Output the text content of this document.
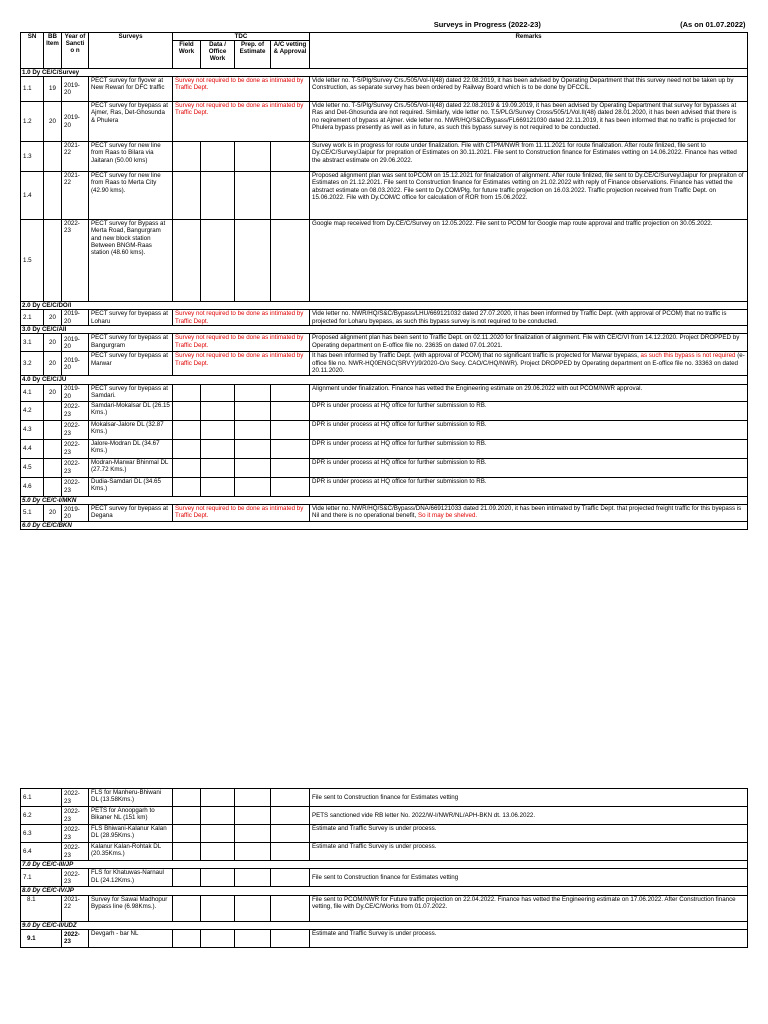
				Surveys in Progress (2022-23) (As on 01.07.2022)				

SN	BB Item	Year of Sanctio n	Surveys	TDC				Remarks
				Field Work	Data / Office Work	Prep. of Estimate	A/C vetting & Approval	
1.0 Dy CE/C/Survey								
1.1	19	2019-20	PECT survey for flyover at New Rewari for DFC traffic	Survey not required to be done as intimated by Traffic Dept.				Vide letter no. T-5/Plg/Survey Crs./505/Vol-II(48) dated 22.08.2019, it has been advised by Operating Department that this survey need not be taken up by Construction, as separate survey has been ordered by Railway Board which is to be done by DFCCIL.
1.2	20	2019-20	PECT survey for byepass at Ajmer, Ras, Det-Ghosunda & Phulera	Survey not required to be done as intimated by Traffic Dept.				Vide letter no. T-5/Plg/Survey Crs./505/Vol-II(48) dated 22.08.2019 & 19.09.2019, it has been advised by Operating Department that survey for bypasses at Ras and Det-Ghosunda are not required. Similarly, vide letter no. T.5/PLG/Survey Cross/505/1/Vol.II(48) dated 28.01.2020, it has been advised that there is no reqirement of bypass at Ajmer. vide letter no. NWR/HQ/S&C/Bypass/FL669121030 dated 22.11.2019, it has been informed that no traffic is projected for Phulera bypass presently as well as in future, as such this bypass survey is not required to be conducted.
1.3		2021-22	PECT survey for new line from Raas to Bilara via Jaitaran (50.00 kms)					Survey work is in progress for route under finalization. File with CTPM/NWR from 11.11.2021 for route finalization. After route finlized, file sent to Dy.CE/C/Survey/Jaipur for prepration of Estimates on 30.11.2021. File sent to Construction finance for Estimates vetting on 14.06.2022. Finance has vetted the abstract estimate on 29.06.2022.
1.4		2021-22	PECT survey for new line from Raas to Merta City (42.90 kms).					Proposed alignment plan was sent toPCOM on 15.12.2021 for finalization of alignment. After route finlized, file sent to Dy.CE/C/Survey/Jaipur for prepraiton of Estimates on 21.12.2021. File sent to Construction finance for Estimates vetting on 21.02.2022 with reply of Finance observations. Finance has vetted the abstract estimate on 08.03.2022. File sent to Dy.COM/Plg. for future traffic projection on 16.03.2022. Traffic projection received from Traffic Dept. on 15.06.2022. File with Dy.COM/C office for calculation of ROR from 15.06.2022.
1.5		2022-23	PECT survey for Bypass at Merta Road, Bangurgram and new block station Between BNGM-Raas station (48.60 kms).					Google map received from Dy.CE/C/Survey on 12.05.2022. File sent to PCOM for Google map route approval and traffic projection on 30.05.2022.
2.0 Dy CE/C/DO/I								
2.1	20	2019-20	PECT survey for byepass at Loharu	Survey not required to be done as intimated by Traffic Dept.				Vide letter no. NWR/HQ/S&C/Bypass/LHU/669121032 dated 27.07.2020, it has been informed by Traffic Dept. (with approval of PCOM) that no traffic is projected for Loharu byepass, as such this bypass survey is not required to be conducted.
3.0 Dy CE/C/AII								
3.1	20	2019-20	PECT survey for byepass at Bangurgram	Survey not required to be done as intimated by Traffic Dept.				Proposed alignment plan has been sent to Traffic Dept. on 02.11.2020 for finalization of alignment. File with CE/C/VI from 14.12.2020. Project DROPPED by Operating department on E-office file no. 23635 on dated 07.01.2021.
3.2	20	2019-20	PECT survey for byepass at Marwar	Survey not required to be done as intimated by Traffic Dept.				It has been informed by Traffic Dept. (with approval of PCOM) that no significant traffic is projected for Marwar byepass, as such this bypass is not required (e-office file no. NWR-HQ0ENGC(SRVY)/9/2020-O/o Secy. CAO/C/HQ/NWR). Project DROPPED by Operating department on E-office file no. 33363 on dated 20.11.2020.
4.0 Dy CE/C/JU								
4.1	20	2019-20	PECT survey for byepass at Samdari.					Alignment under finalization. Finance has vetted the Engineering estimate on 29.06.2022 with out PCOM/NWR approval.
4.2		2022-23	Samdari-Mokalsar DL (26.15 Kms.)					DPR is under process at HQ office for further submission to RB.
4.3		2022-23	Mokalsar-Jalore DL (32.87 Kms.)					DPR is under process at HQ office for further submission to RB.
4.4		2022-23	Jalore-Modran DL (34.67 Kms.)					DPR is under process at HQ office for further submission to RB.
4.5		2022-23	Modran-Marwar Bhinmal DL (27.72 Kms.)					DPR is under process at HQ office for further submission to RB.
4.6		2022-23	Dudia-Samdari DL (34.65 Kms.)					DPR is under process at HQ office for further submission to RB.
5.0 Dy CE/C-I/MKN								
5.1	20	2019-20	PECT survey for byepass at Degana	Survey not required to be done as intimated by Traffic Dept.				Vide letter no. NWR/HQ/S&C/Bypass/DNA/669121033 dated 21.09.2020, it has been intimated by Traffic Dept. that projected freight traffic for this byepass is Nil and there is no operational benefit, So it may be shelved.
6.0 Dy CE/C/BKN								
6.1	2022-23	FLS for Manheru-Bhiwani DL (13.58Kms.)					File sent to Construction finance for Estimates vetting
6.2	2022-23	PETS for Anoopgarh to Bikaner NL (151 km)					PETS sanctioned vide RB letter No. 2022/W-I/NWR/NL/APH-BKN dt. 13.06.2022.
6.3	2022-23	FLS Bhiwani-Kalanur Kalan DL (28.95Kms.)					Estimate and Traffic Survey is under process.
6.4	2022-23	Kalanur Kalan-Rohtak DL (20.35Kms.)					Estimate and Traffic Survey is under process.
7.0 Dy CE/C-III/JP							
7.1	2022-23	FLS for Khatuwas-Narnaul DL (24.12Kms.)					File sent to Construction finance for Estimates vetting
8.0 Dy CE/C-IV/JP							
8.1	2021-22	Survey for Sawai Madhopur Bypass line (6.98Kms.).					File sent to PCOM/NWR for Future traffic projection on 22.04.2022. Finance has vetted the Engineering estimate on 17.06.2022. After Construction finance vetting, file with Dy.CE/C/Works from 01.07.2022.
9.0 Dy CE/C-II/UDZ							
9.1	2022-23	Devgarh - bar NL					Estimate and Traffic Survey is under process.
